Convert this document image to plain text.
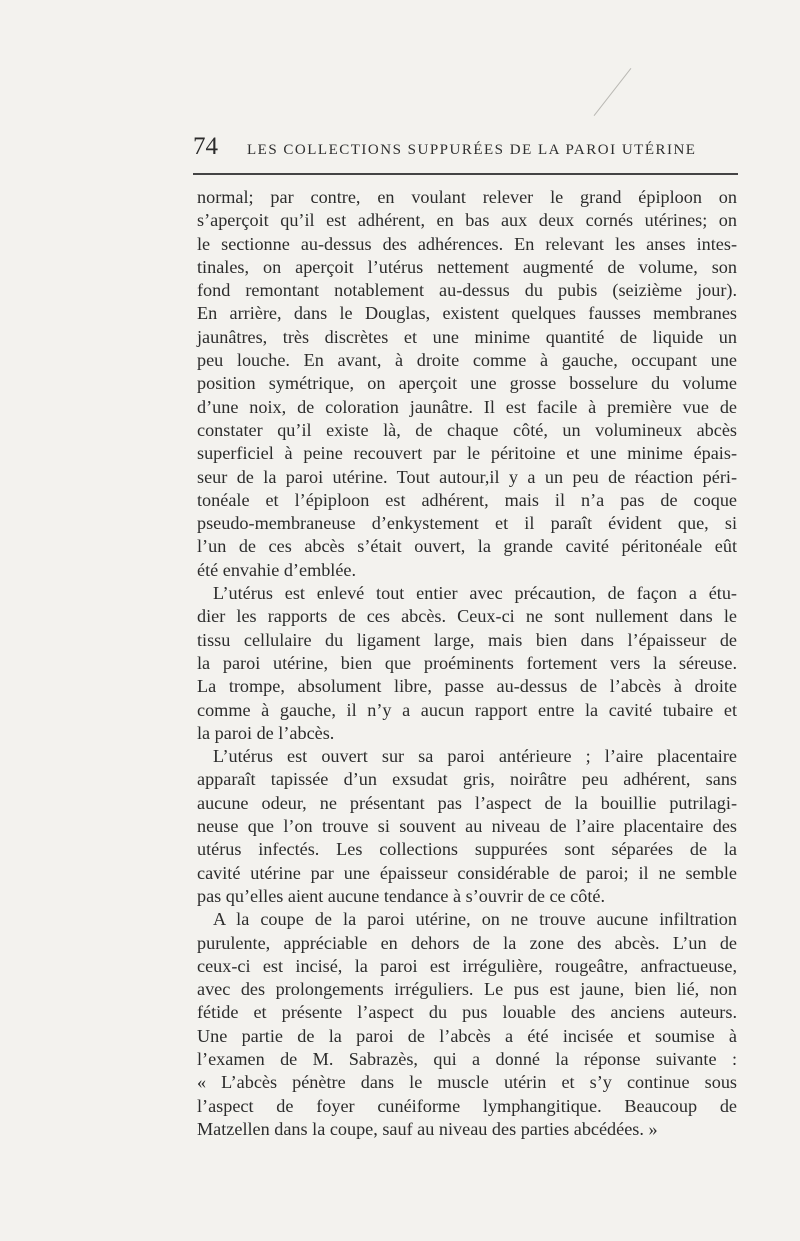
74	LES COLLECTIONS SUPPURÉES DE LA PAROI UTÉRINE
normal; par contre, en voulant relever le grand épiploon on
s’aperçoit qu’il est adhérent, en bas aux deux cornés utérines; on
le sectionne au-dessus des adhérences. En relevant les anses intes-
tinales, on aperçoit l’utérus nettement augmenté de volume, son
fond remontant notablement au-dessus du pubis (seizième jour).
En arrière, dans le Douglas, existent quelques fausses membranes
jaunâtres, très discrètes et une minime quantité de liquide un
peu louche. En avant, à droite comme à gauche, occupant une
position symétrique, on aperçoit une grosse bosselure du volume
d’une noix, de coloration jaunâtre. Il est facile à première vue de
constater qu’il existe là, de chaque côté, un volumineux abcès
superficiel à peine recouvert par le péritoine et une minime épais-
seur de la paroi utérine. Tout autour,il y a un peu de réaction péri-
tonéale et l’épiploon est adhérent, mais il n’a pas de coque
pseudo-membraneuse d’enkystement et il paraît évident que, si
l’un de ces abcès s’était ouvert, la grande cavité péritonéale eût
été envahie d’emblée.
L’utérus est enlevé tout entier avec précaution, de façon a étu-
dier les rapports de ces abcès. Ceux-ci ne sont nullement dans le
tissu cellulaire du ligament large, mais bien dans l’épaisseur de
la paroi utérine, bien que proéminents fortement vers la séreuse.
La trompe, absolument libre, passe au-dessus de l’abcès à droite
comme à gauche, il n’y a aucun rapport entre la cavité tubaire et
la paroi de l’abcès.
L’utérus est ouvert sur sa paroi antérieure ; l’aire placentaire
apparaît tapissée d’un exsudat gris, noirâtre peu adhérent, sans
aucune odeur, ne présentant pas l’aspect de la bouillie putrilagi-
neuse que l’on trouve si souvent au niveau de l’aire placentaire des
utérus infectés. Les collections suppurées sont séparées de la
cavité utérine par une épaisseur considérable de paroi; il ne semble
pas qu’elles aient aucune tendance à s’ouvrir de ce côté.
A la coupe de la paroi utérine, on ne trouve aucune infiltration
purulente, appréciable en dehors de la zone des abcès. L’un de
ceux-ci est incisé, la paroi est irrégulière, rougeâtre, anfractueuse,
avec des prolongements irréguliers. Le pus est jaune, bien lié, non
fétide et présente l’aspect du pus louable des anciens auteurs.
Une partie de la paroi de l’abcès a été incisée et soumise à
l’examen de M. Sabrazès, qui a donné la réponse suivante :
« L’abcès pénètre dans le muscle utérin et s’y continue sous
l’aspect de foyer cunéiforme lymphangitique. Beaucoup de
Matzellen dans la coupe, sauf au niveau des parties abcédées. »
